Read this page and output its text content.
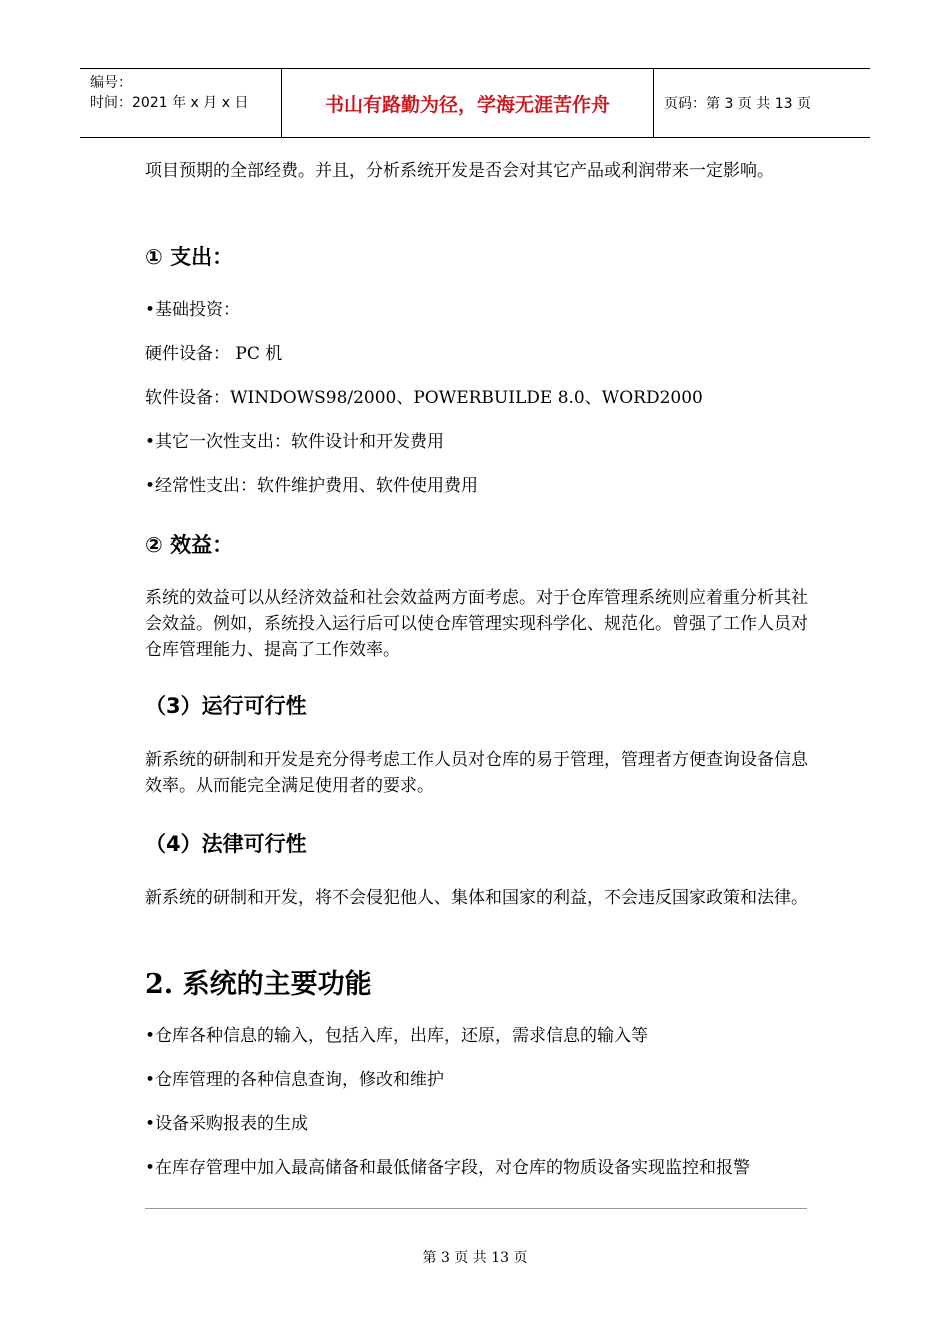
编号：
时间：2021 年 x 月 x 日	书山有路勤为径，学海无涯苦作舟	页码：第 3 页 共 13 页

项目预期的全部经费。并且，分析系统开发是否会对其它产品或利润带来一定影响。

① 支出：

•基础投资：

硬件设备： PC 机

软件设备：WINDOWS98/2000、POWERBUILDE 8.0、WORD2000

•其它一次性支出：软件设计和开发费用

•经常性支出：软件维护费用、软件使用费用

② 效益：

系统的效益可以从经济效益和社会效益两方面考虑。对于仓库管理系统则应着重分析其社会效益。例如，系统投入运行后可以使仓库管理实现科学化、规范化。曾强了工作人员对仓库管理能力、提高了工作效率。

（3）运行可行性

新系统的研制和开发是充分得考虑工作人员对仓库的易于管理，管理者方便查询设备信息效率。从而能完全满足使用者的要求。

（4）法律可行性

新系统的研制和开发，将不会侵犯他人、集体和国家的利益，不会违反国家政策和法律。

2. 系统的主要功能

•仓库各种信息的输入，包括入库，出库，还原，需求信息的输入等

•仓库管理的各种信息查询，修改和维护

•设备采购报表的生成

•在库存管理中加入最高储备和最低储备字段，对仓库的物质设备实现监控和报警

第 3 页 共 13 页
